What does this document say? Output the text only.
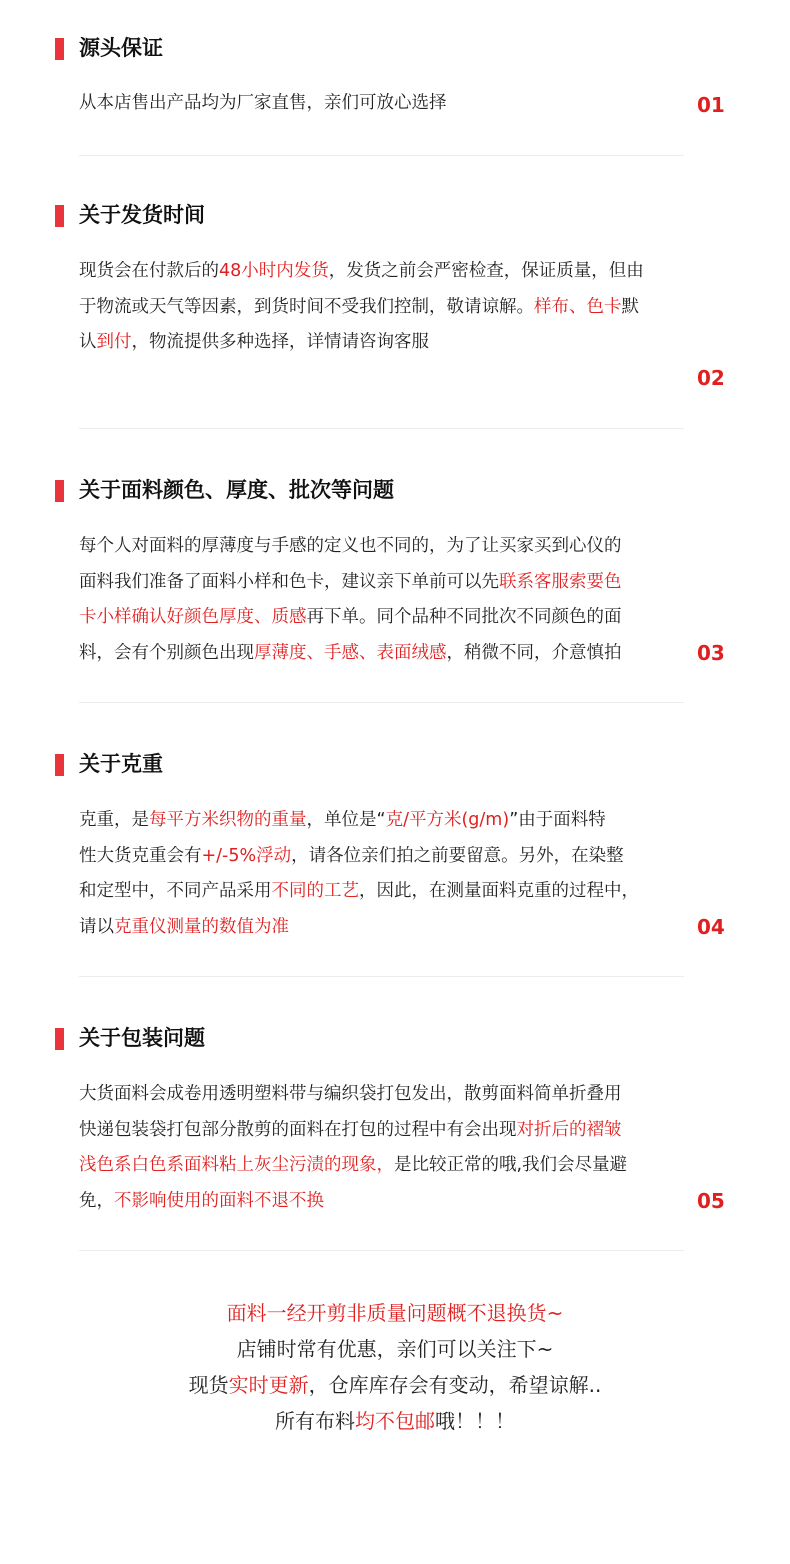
源头保证
从本店售出产品均为厂家直售，亲们可放心选择	01
关于发货时间
现货会在付款后的48小时内发货，发货之前会严密检查，保证质量，但由
于物流或天气等因素，到货时间不受我们控制，敬请谅解。样布、色卡默
认到付，物流提供多种选择，详情请咨询客服
02
关于面料颜色、厚度、批次等问题
每个人对面料的厚薄度与手感的定义也不同的，为了让买家买到心仪的
面料我们准备了面料小样和色卡，建议亲下单前可以先联系客服索要色
卡小样确认好颜色厚度、质感再下单。同个品种不同批次不同颜色的面
料，会有个别颜色出现厚薄度、手感、表面绒感，稍微不同，介意慎拍	03
关于克重
克重，是每平方米织物的重量，单位是“克/平方米(g/m)”由于面料特
性大货克重会有+/-5%浮动，请各位亲们拍之前要留意。另外，在染整
和定型中，不同产品采用不同的工艺，因此，在测量面料克重的过程中，
请以克重仪测量的数值为准	04
关于包装问题
大货面料会成卷用透明塑料带与编织袋打包发出，散剪面料简单折叠用
快递包装袋打包部分散剪的面料在打包的过程中有会出现对折后的褶皱
浅色系白色系面料粘上灰尘污渍的现象，是比较正常的哦,我们会尽量避
免，不影响使用的面料不退不换	05
面料一经开剪非质量问题概不退换货~
店铺时常有优惠，亲们可以关注下~
现货实时更新，仓库库存会有变动，希望谅解..
所有布料均不包邮哦！！！
